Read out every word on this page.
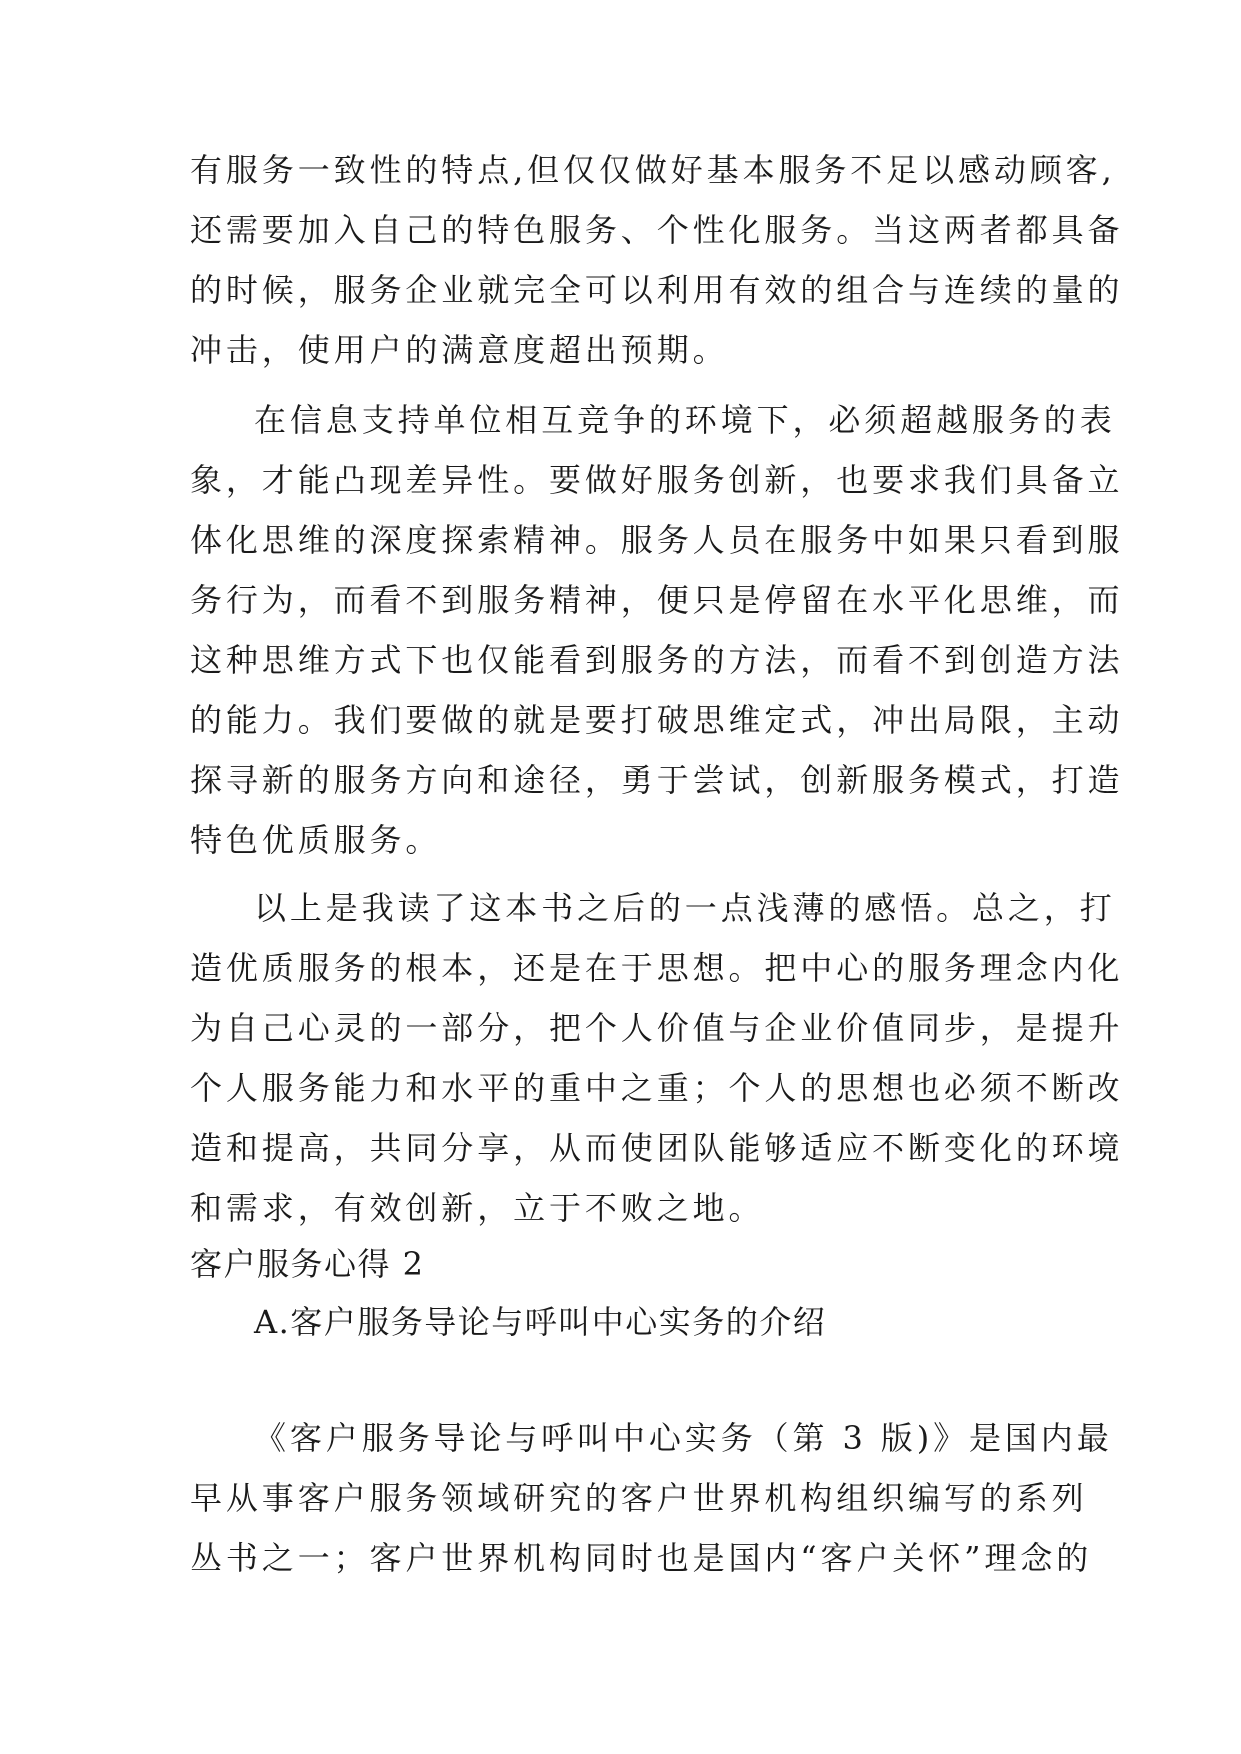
有服务一致性的特点,但仅仅做好基本服务不足以感动顾客,

还需要加入自己的特色服务、个性化服务。当这两者都具备

的时候，服务企业就完全可以利用有效的组合与连续的量的

冲击，使用户的满意度超出预期。

在信息支持单位相互竞争的环境下，必须超越服务的表

象，才能凸现差异性。要做好服务创新，也要求我们具备立

体化思维的深度探索精神。服务人员在服务中如果只看到服

务行为，而看不到服务精神，便只是停留在水平化思维，而

这种思维方式下也仅能看到服务的方法，而看不到创造方法

的能力。我们要做的就是要打破思维定式，冲出局限，主动

探寻新的服务方向和途径，勇于尝试，创新服务模式，打造

特色优质服务。

以上是我读了这本书之后的一点浅薄的感悟。总之，打

造优质服务的根本，还是在于思想。把中心的服务理念内化

为自己心灵的一部分，把个人价值与企业价值同步，是提升

个人服务能力和水平的重中之重；个人的思想也必须不断改

造和提高，共同分享，从而使团队能够适应不断变化的环境

和需求，有效创新，立于不败之地。

客户服务心得 2

A.客户服务导论与呼叫中心实务的介绍

《客户服务导论与呼叫中心实务（第 3 版)》是国内最

早从事客户服务领域研究的客户世界机构组织编写的系列

丛书之一；客户世界机构同时也是国内“客户关怀”理念的
